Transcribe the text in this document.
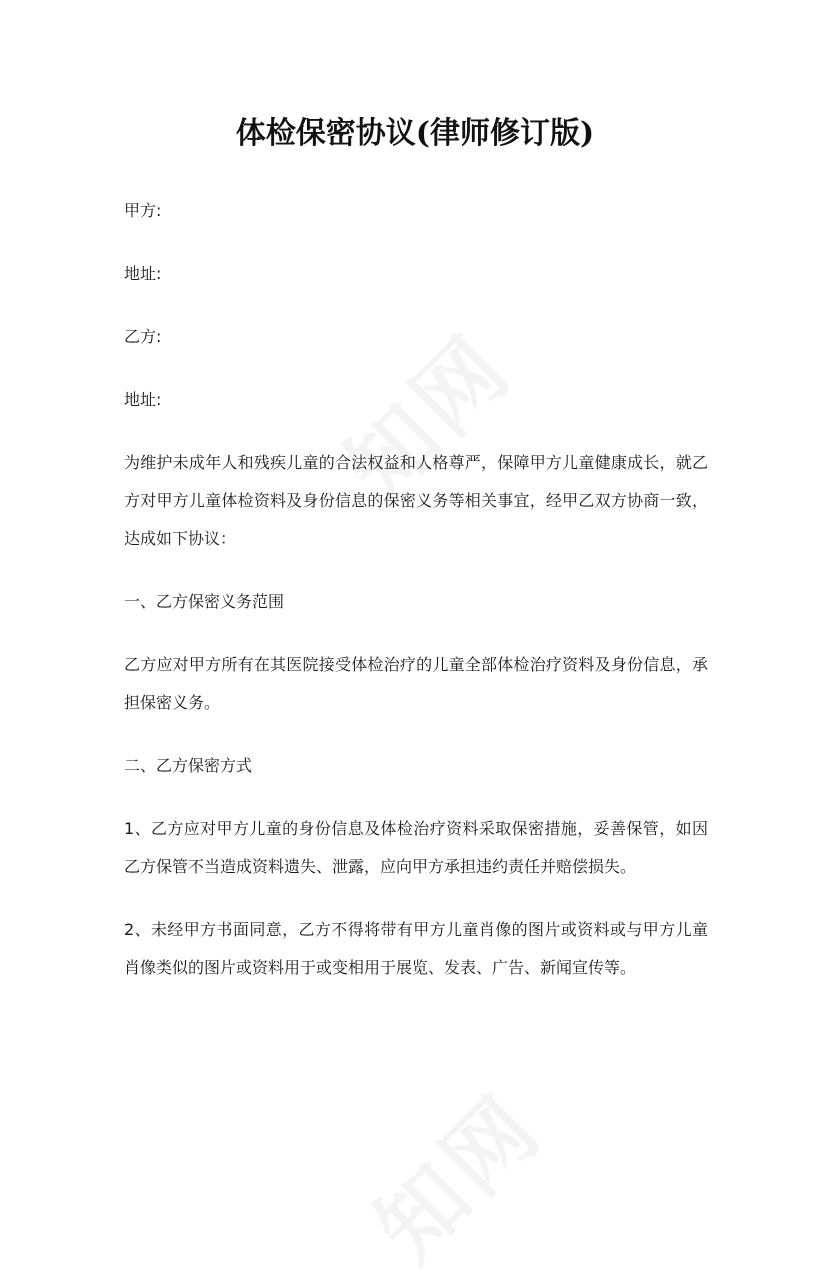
体检保密协议(律师修订版)
甲方:
地址:
乙方:
地址:

为维护未成年人和残疾儿童的合法权益和人格尊严，保障甲方儿童健康成长，就乙方对甲方儿童体检资料及身份信息的保密义务等相关事宜，经甲乙双方协商一致，达成如下协议：

一、乙方保密义务范围

乙方应对甲方所有在其医院接受体检治疗的儿童全部体检治疗资料及身份信息，承担保密义务。

二、乙方保密方式

1、乙方应对甲方儿童的身份信息及体检治疗资料采取保密措施，妥善保管，如因乙方保管不当造成资料遗失、泄露，应向甲方承担违约责任并赔偿损失。

2、未经甲方书面同意，乙方不得将带有甲方儿童肖像的图片或资料或与甲方儿童肖像类似的图片或资料用于或变相用于展览、发表、广告、新闻宣传等。
